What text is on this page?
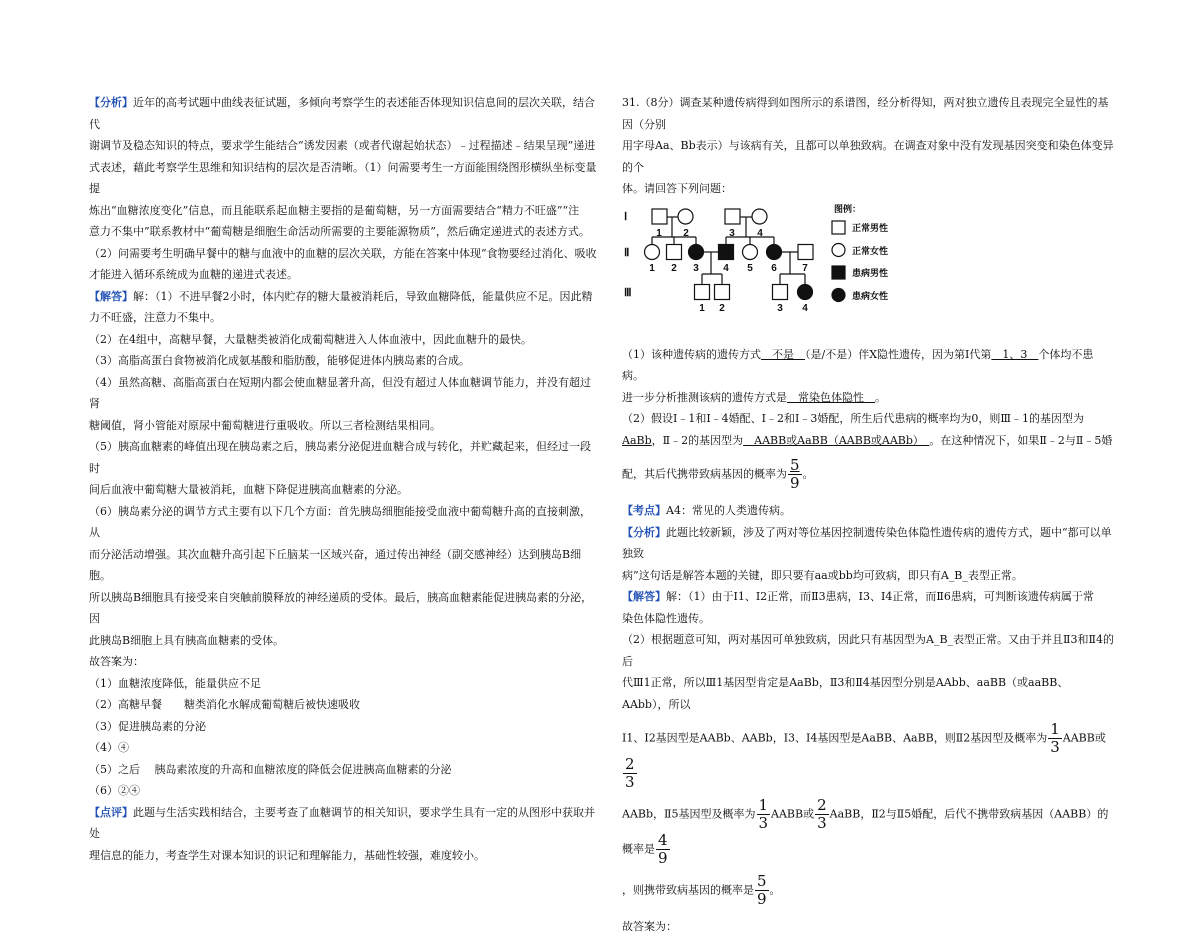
【分析】近年的高考试题中曲线表征试题，多倾向考察学生的表述能否体现知识信息间的层次关联，结合代

谢调节及稳态知识的特点，要求学生能结合“诱发因素（或者代谢起始状态）﹣过程描述﹣结果呈现”递进

式表述，藉此考察学生思维和知识结构的层次是否清晰。（1）问需要考生一方面能围绕图形横纵坐标变量提

炼出“血糖浓度变化”信息，而且能联系起血糖主要指的是葡萄糖，另一方面需要结合“精力不旺盛”“注

意力不集中”联系教材中“葡萄糖是细胞生命活动所需要的主要能源物质”，然后确定递进式的表述方式。

（2）问需要考生明确早餐中的糖与血液中的血糖的层次关联，方能在答案中体现“食物要经过消化、吸收

才能进入循环系统成为血糖的递进式表述。

【解答】解：（1）不进早餐2小时，体内贮存的糖大量被消耗后，导致血糖降低，能量供应不足。因此精

力不旺盛，注意力不集中。

（2）在4组中，高糖早餐，大量糖类被消化成葡萄糖进入人体血液中，因此血糖升的最快。

（3）高脂高蛋白食物被消化成氨基酸和脂肪酸，能够促进体内胰岛素的合成。

（4）虽然高糖、高脂高蛋白在短期内都会使血糖显著升高，但没有超过人体血糖调节能力，并没有超过肾

糖阈值，肾小管能对原尿中葡萄糖进行重吸收。所以三者检测结果相同。

（5）胰高血糖素的峰值出现在胰岛素之后，胰岛素分泌促进血糖合成与转化，并贮藏起来，但经过一段时

间后血液中葡萄糖大量被消耗，血糖下降促进胰高血糖素的分泌。

（6）胰岛素分泌的调节方式主要有以下几个方面：首先胰岛细胞能接受血液中葡萄糖升高的直接刺激，从

而分泌活动增强。其次血糖升高引起下丘脑某一区域兴奋，通过传出神经（副交感神经）达到胰岛B细胞。

所以胰岛B细胞具有接受来自突触前膜释放的神经递质的受体。最后，胰高血糖素能促进胰岛素的分泌，因

此胰岛B细胞上具有胰高血糖素的受体。

故答案为：

（1）血糖浓度降低，能量供应不足

（2）高糖早餐　　糖类消化水解成葡萄糖后被快速吸收

（3）促进胰岛素的分泌

（4）④

（5）之后　 胰岛素浓度的升高和血糖浓度的降低会促进胰高血糖素的分泌

（6）②④

【点评】此题与生活实践相结合，主要考查了血糖调节的相关知识，要求学生具有一定的从图形中获取并处

理信息的能力，考查学生对课本知识的识记和理解能力，基础性较强，难度较小。

31.（8分）调查某种遗传病得到如图所示的系谱图，经分析得知，两对独立遗传且表现完全显性的基因（分别

用字母Aa、Bb表示）与该病有关，且都可以单独致病。在调查对象中没有发现基因突变和染色体变异的个

体。请回答下列问题：

Ⅰ
Ⅱ
Ⅲ
1 2	3 4
1 2 3 4 5 6	7
1 2	3 4
图例：
正常男性
正常女性
患病男性
患病女性

（1）该种遗传病的遗传方式　不是　（是/不是）伴X隐性遗传，因为第Ⅰ代第　1、3　个体均不患病。

进一步分析推测该病的遗传方式是　常染色体隐性　。

（2）假设Ⅰ﹣1和Ⅰ﹣4婚配、Ⅰ﹣2和Ⅰ﹣3婚配，所生后代患病的概率均为0，则Ⅲ﹣1的基因型为

AaBb，Ⅱ﹣2的基因型为　AABB或AaBB（AABB或AABb）　。在这种情况下，如果Ⅱ﹣2与Ⅱ﹣5婚

配，其后代携带致病基因的概率为 $\frac{5}{9}$ 。

【考点】A4：常见的人类遗传病。

【分析】此题比较新颖，涉及了两对等位基因控制遗传染色体隐性遗传病的遗传方式，题中“都可以单独致

病”这句话是解答本题的关键，即只要有aa或bb均可致病，即只有A_B_表型正常。

【解答】解：（1）由于Ⅰ1、Ⅰ2正常，而Ⅱ3患病，Ⅰ3、Ⅰ4正常，而Ⅱ6患病，可判断该遗传病属于常

染色体隐性遗传。

（2）根据题意可知，两对基因可单独致病，因此只有基因型为A_B_表型正常。又由于并且Ⅱ3和Ⅱ4的后

代Ⅲ1正常，所以Ⅲ1基因型肯定是AaBb，Ⅱ3和Ⅱ4基因型分别是AAbb、aaBB（或aaBB、AAbb），所以

Ⅰ1、Ⅰ2基因型是AABb、AABb，Ⅰ3、Ⅰ4基因型是AaBB、AaBB，则Ⅱ2基因型及概率为 $\frac{1}{3}$ AABB或
$\frac{2}{3}$

AABb，Ⅱ5基因型及概率为 $\frac{1}{3}$ AABB或 $\frac{2}{3}$ AaBB，Ⅱ2与Ⅱ5婚配，后代不携带致病基因（AABB）的概率是 $\frac{4}{9}$

，则携带致病基因的概率是 $\frac{5}{9}$ 。

故答案为：
